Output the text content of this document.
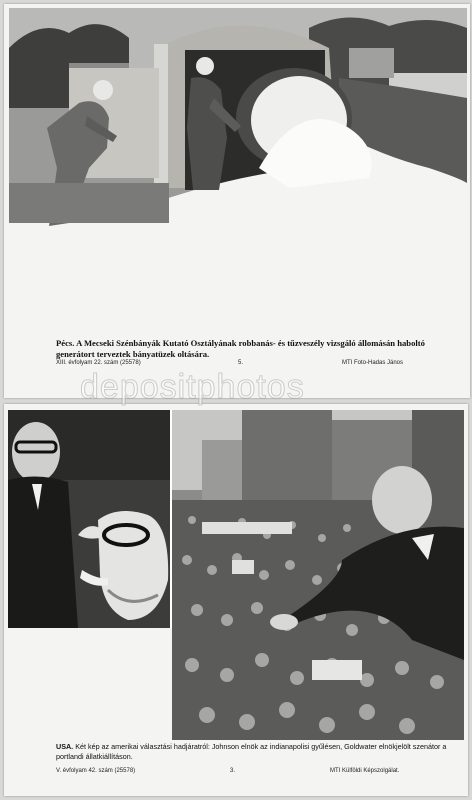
Pécs. A Mecseki Szénbányák Kutató Osztályának robbanás- és tűzveszély vizsgáló állomásán haboltó generátort terveztek bányatüzek oltására.
XIII. évfolyam 22. szám (25578)	5.	MTI Foto-Hadas János
USA. Két kép az amerikai választási hadjáratról: Johnson elnök az indianapolisi gyűlésen, Goldwater elnökjelölt szenátor a portlandi állatkiállításon.
V. évfolyam 42. szám (25578)	3.	MTI Külföldi Képszolgálat.
depositphotos
